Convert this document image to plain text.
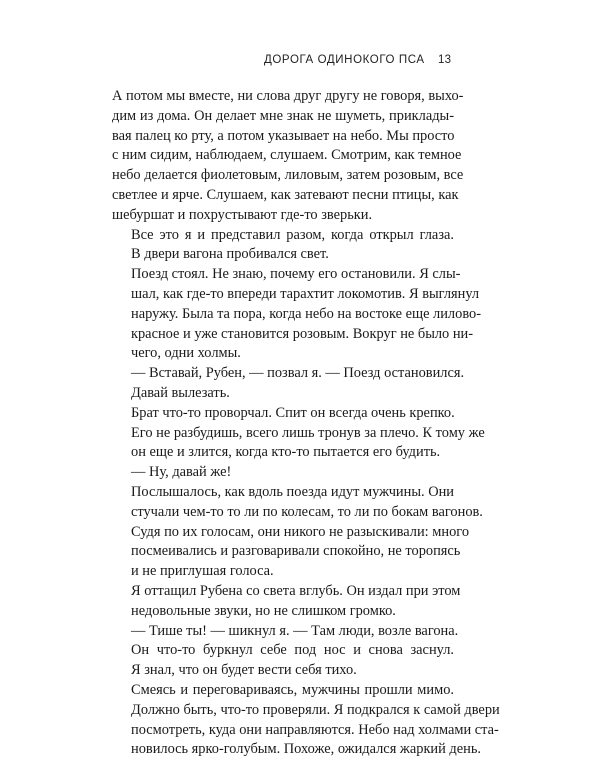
ДОРОГА ОДИНОКОГО ПСА 13

А потом мы вместе, ни слова друг другу не говоря, выхо-
дим из дома. Он делает мне знак не шуметь, приклады-
вая палец ко рту, а потом указывает на небо. Мы просто
с ним сидим, наблюдаем, слушаем. Смотрим, как темное
небо делается фиолетовым, лиловым, затем розовым, все
светлее и ярче. Слушаем, как затевают песни птицы, как
шебуршат и похрустывают где-то зверьки.

Все это я и представил разом, когда открыл глаза.
В двери вагона пробивался свет.

Поезд стоял. Не знаю, почему его остановили. Я слы-
шал, как где-то впереди тарахтит локомотив. Я выглянул
наружу. Была та пора, когда небо на востоке еще лилово-
красное и уже становится розовым. Вокруг не было ни-
чего, одни холмы.

— Вставай, Рубен, — позвал я. — Поезд остановился.
Давай вылезать.

Брат что-то проворчал. Спит он всегда очень крепко.
Его не разбудишь, всего лишь тронув за плечо. К тому же
он еще и злится, когда кто-то пытается его будить.

— Ну, давай же!

Послышалось, как вдоль поезда идут мужчины. Они
стучали чем-то то ли по колесам, то ли по бокам вагонов.
Судя по их голосам, они никого не разыскивали: много
посмеивались и разговаривали спокойно, не торопясь
и не приглушая голоса.

Я оттащил Рубена со света вглубь. Он издал при этом
недовольные звуки, но не слишком громко.

— Тише ты! — шикнул я. — Там люди, возле вагона.

Он что-то буркнул себе под нос и снова заснул.
Я знал, что он будет вести себя тихо.

Смеясь и переговариваясь, мужчины прошли мимо.
Должно быть, что-то проверяли. Я подкрался к самой двери
посмотреть, куда они направляются. Небо над холмами ста-
новилось ярко-голубым. Похоже, ожидался жаркий день.
